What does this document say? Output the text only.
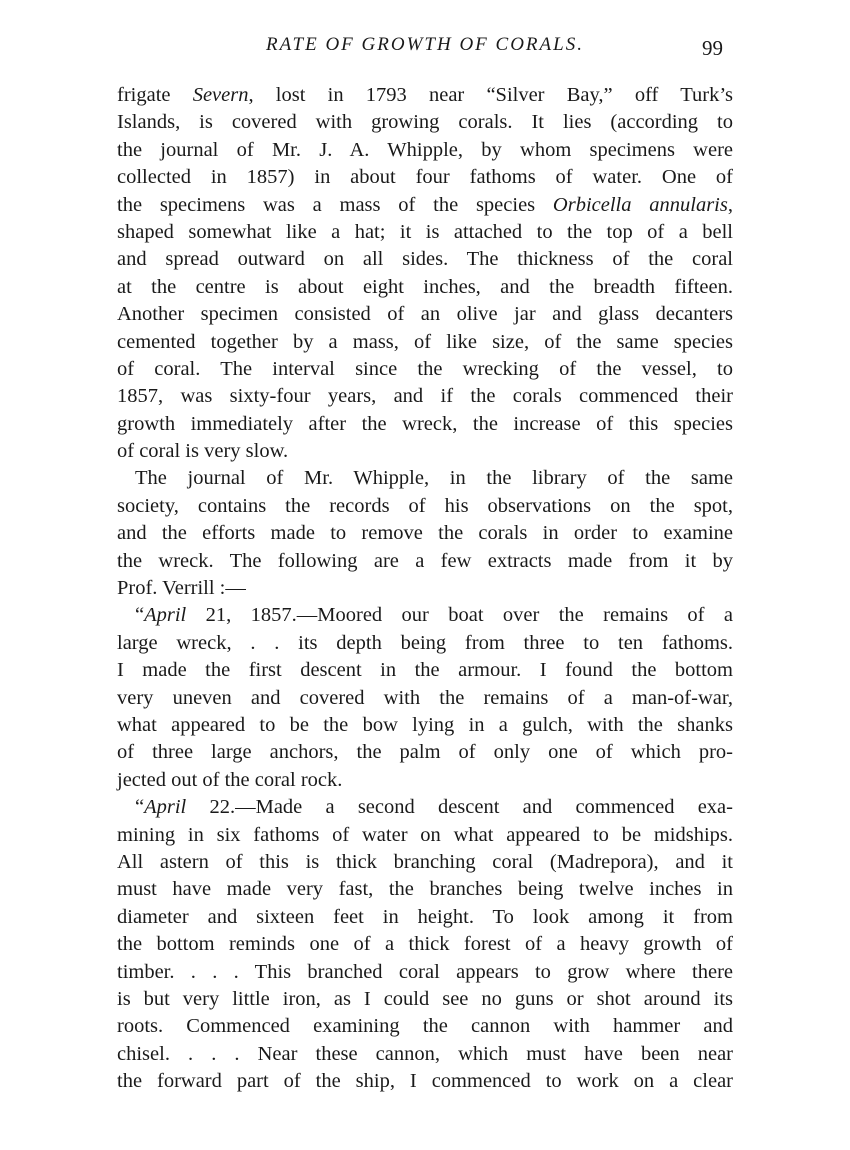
RATE OF GROWTH OF CORALS.	99
frigate Severn, lost in 1793 near “Silver Bay,” off Turk’s
Islands, is covered with growing corals. It lies (according to
the journal of Mr. J. A. Whipple, by whom specimens were
collected in 1857) in about four fathoms of water. One of
the specimens was a mass of the species Orbicella annularis,
shaped somewhat like a hat; it is attached to the top of a bell
and spread outward on all sides. The thickness of the coral
at the centre is about eight inches, and the breadth fifteen.
Another specimen consisted of an olive jar and glass decanters
cemented together by a mass, of like size, of the same species
of coral. The interval since the wrecking of the vessel, to
1857, was sixty-four years, and if the corals commenced their
growth immediately after the wreck, the increase of this species
of coral is very slow.
The journal of Mr. Whipple, in the library of the same
society, contains the records of his observations on the spot,
and the efforts made to remove the corals in order to examine
the wreck. The following are a few extracts made from it by
Prof. Verrill :—
“April 21, 1857.—Moored our boat over the remains of a
large wreck, . . its depth being from three to ten fathoms.
I made the first descent in the armour. I found the bottom
very uneven and covered with the remains of a man-of-war,
what appeared to be the bow lying in a gulch, with the shanks
of three large anchors, the palm of only one of which pro-
jected out of the coral rock.
“April 22.—Made a second descent and commenced exa-
mining in six fathoms of water on what appeared to be midships.
All astern of this is thick branching coral (Madrepora), and it
must have made very fast, the branches being twelve inches in
diameter and sixteen feet in height. To look among it from
the bottom reminds one of a thick forest of a heavy growth of
timber. . . . This branched coral appears to grow where there
is but very little iron, as I could see no guns or shot around its
roots. Commenced examining the cannon with hammer and
chisel. . . . Near these cannon, which must have been near
the forward part of the ship, I commenced to work on a clear
